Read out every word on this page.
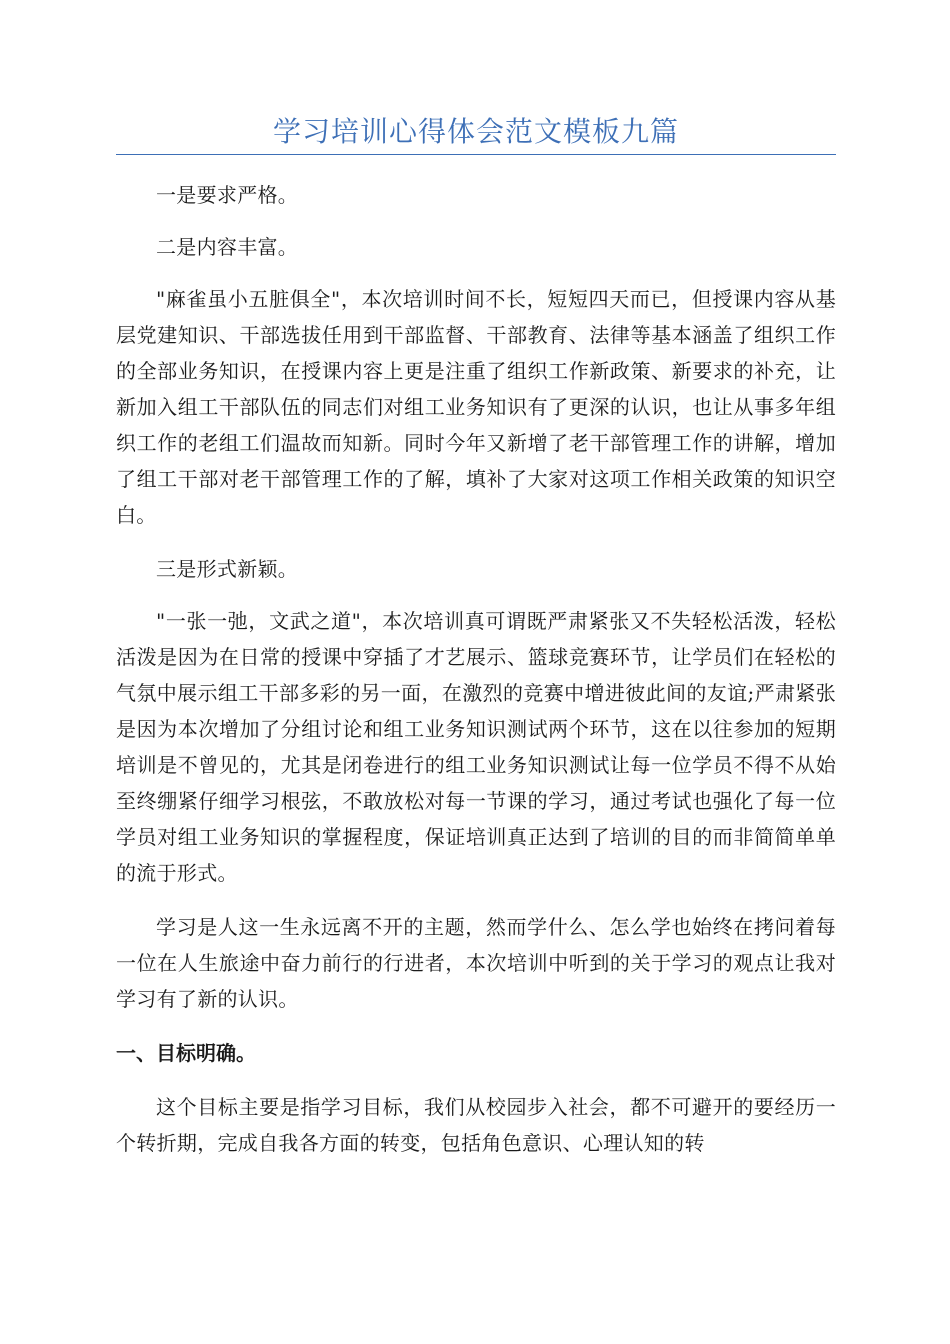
学习培训心得体会范文模板九篇

一是要求严格。

二是内容丰富。

"麻雀虽小五脏俱全"，本次培训时间不长，短短四天而已，但授课内容从基层党建知识、干部选拔任用到干部监督、干部教育、法律等基本涵盖了组织工作的全部业务知识，在授课内容上更是注重了组织工作新政策、新要求的补充，让新加入组工干部队伍的同志们对组工业务知识有了更深的认识，也让从事多年组织工作的老组工们温故而知新。同时今年又新增了老干部管理工作的讲解，增加了组工干部对老干部管理工作的了解，填补了大家对这项工作相关政策的知识空白。

三是形式新颖。

"一张一弛，文武之道"，本次培训真可谓既严肃紧张又不失轻松活泼，轻松活泼是因为在日常的授课中穿插了才艺展示、篮球竞赛环节，让学员们在轻松的气氛中展示组工干部多彩的另一面，在激烈的竞赛中增进彼此间的友谊;严肃紧张是因为本次增加了分组讨论和组工业务知识测试两个环节，这在以往参加的短期培训是不曾见的，尤其是闭卷进行的组工业务知识测试让每一位学员不得不从始至终绷紧仔细学习根弦，不敢放松对每一节课的学习，通过考试也强化了每一位学员对组工业务知识的掌握程度，保证培训真正达到了培训的目的而非简简单单的流于形式。

学习是人这一生永远离不开的主题，然而学什么、怎么学也始终在拷问着每一位在人生旅途中奋力前行的行进者，本次培训中听到的关于学习的观点让我对学习有了新的认识。

一、目标明确。

这个目标主要是指学习目标，我们从校园步入社会，都不可避开的要经历一个转折期，完成自我各方面的转变，包括角色意识、心理认知的转
